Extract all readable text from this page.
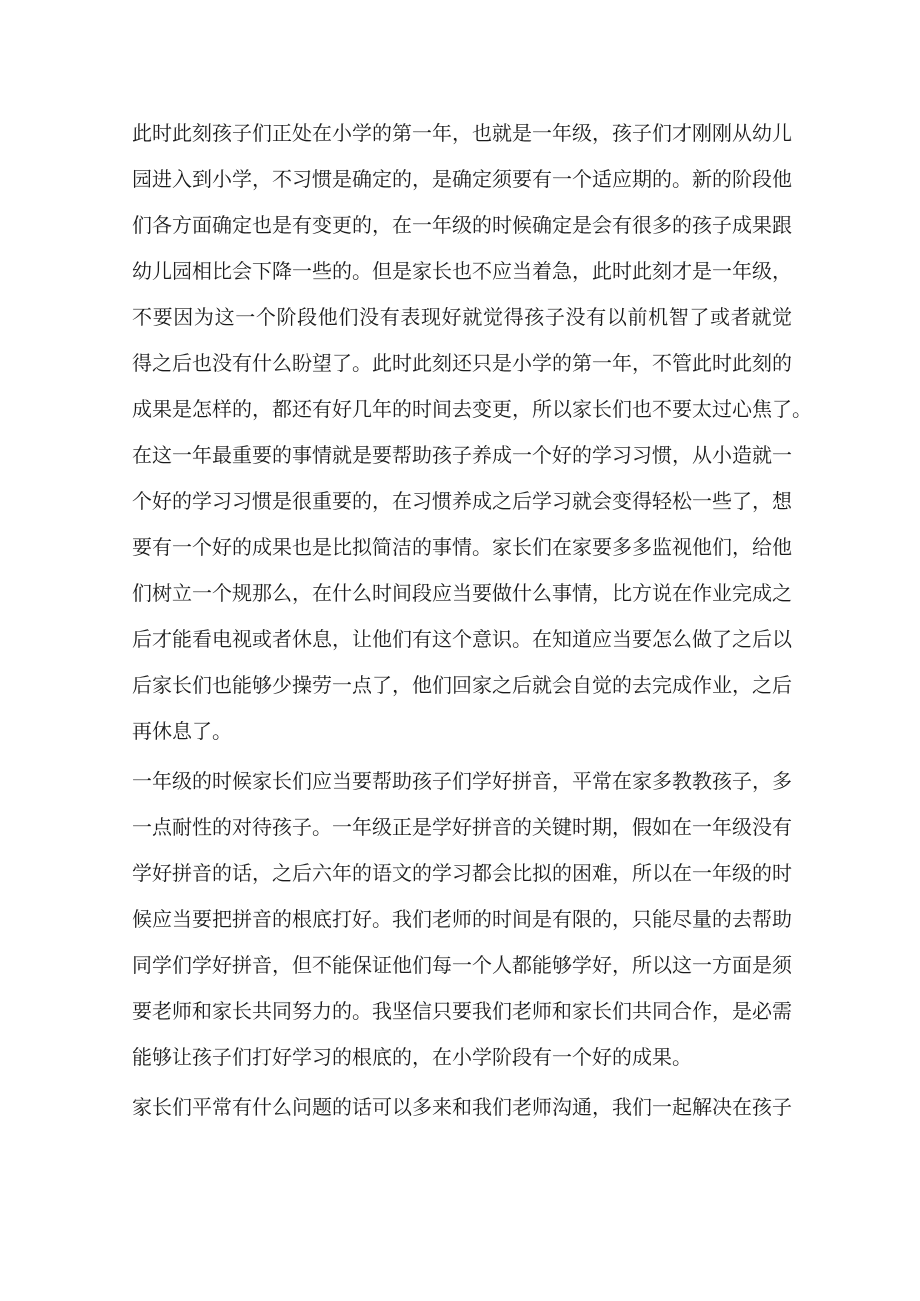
此时此刻孩子们正处在小学的第一年，也就是一年级，孩子们才刚刚从幼儿
园进入到小学，不习惯是确定的，是确定须要有一个适应期的。新的阶段他
们各方面确定也是有变更的，在一年级的时候确定是会有很多的孩子成果跟
幼儿园相比会下降一些的。但是家长也不应当着急，此时此刻才是一年级，
不要因为这一个阶段他们没有表现好就觉得孩子没有以前机智了或者就觉
得之后也没有什么盼望了。此时此刻还只是小学的第一年，不管此时此刻的
成果是怎样的，都还有好几年的时间去变更，所以家长们也不要太过心焦了。
在这一年最重要的事情就是要帮助孩子养成一个好的学习习惯，从小造就一
个好的学习习惯是很重要的，在习惯养成之后学习就会变得轻松一些了，想
要有一个好的成果也是比拟简洁的事情。家长们在家要多多监视他们，给他
们树立一个规那么，在什么时间段应当要做什么事情，比方说在作业完成之
后才能看电视或者休息，让他们有这个意识。在知道应当要怎么做了之后以
后家长们也能够少操劳一点了，他们回家之后就会自觉的去完成作业，之后
再休息了。
一年级的时候家长们应当要帮助孩子们学好拼音，平常在家多教教孩子，多
一点耐性的对待孩子。一年级正是学好拼音的关键时期，假如在一年级没有
学好拼音的话，之后六年的语文的学习都会比拟的困难，所以在一年级的时
候应当要把拼音的根底打好。我们老师的时间是有限的，只能尽量的去帮助
同学们学好拼音，但不能保证他们每一个人都能够学好，所以这一方面是须
要老师和家长共同努力的。我坚信只要我们老师和家长们共同合作，是必需
能够让孩子们打好学习的根底的，在小学阶段有一个好的成果。
家长们平常有什么问题的话可以多来和我们老师沟通，我们一起解决在孩子
